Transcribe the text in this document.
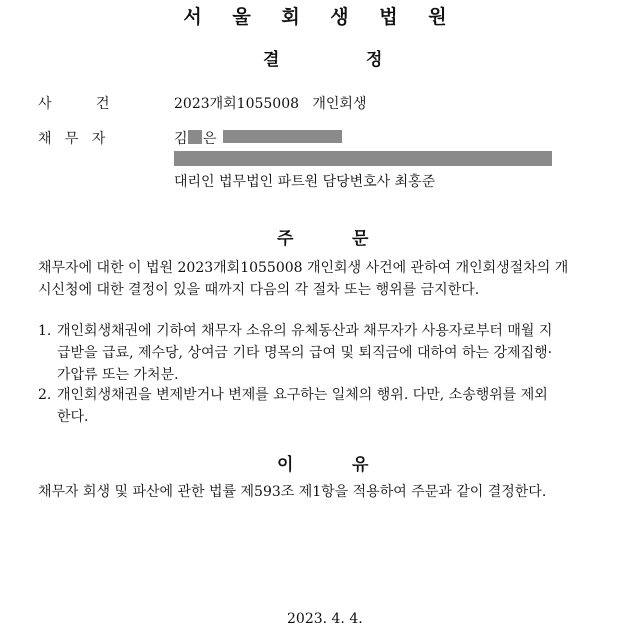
서 울 회 생 법 원
결	정
사          건	2023개회1055008   개인회생
채   무   자	김 은
대리인 법무법인 파트원 담당변호사 최홍준
주	문
채무자에 대한 이 법원 2023개회1055008 개인회생 사건에 관하여 개인회생절차의 개
시신청에 대한 결정이 있을 때까지 다음의 각 절차 또는 행위를 금지한다.
1. 개인회생채권에 기하여 채무자 소유의 유체동산과 채무자가 사용자로부터 매월 지
급받을 급료, 제수당, 상여금 기타 명목의 급여 및 퇴직금에 대하여 하는 강제집행·
가압류 또는 가처분.
2. 개인회생채권을 변제받거나 변제를 요구하는 일체의 행위. 다만, 소송행위를 제외
한다.
이	유
채무자 회생 및 파산에 관한 법률 제593조 제1항을 적용하여 주문과 같이 결정한다.
2023. 4. 4.
